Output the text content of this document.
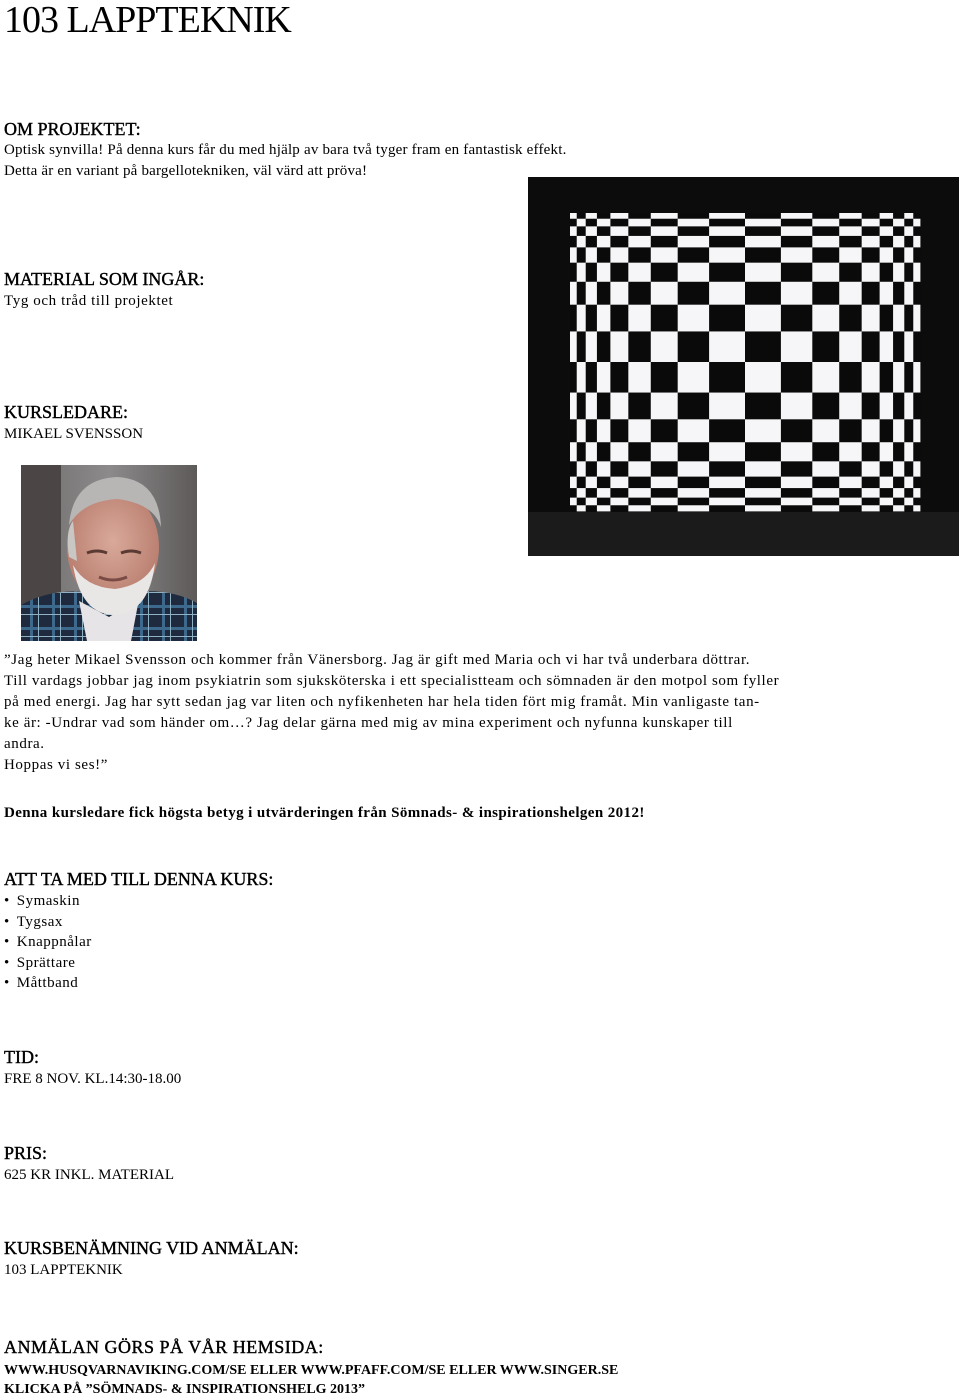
103 LAPPTEKNIK
OM PROJEKTET:
Optisk synvilla! På denna kurs får du med hjälp av bara två tyger fram en fantastisk effekt.
Detta är en variant på bargellotekniken, väl värd att pröva!
MATERIAL SOM INGÅR:
Tyg och tråd till projektet
KURSLEDARE:
MIKAEL SVENSSON
”Jag heter Mikael Svensson och kommer från Vänersborg. Jag är gift med Maria och vi har två underbara döttrar.
Till vardags jobbar jag inom psykiatrin som sjuksköterska i ett specialistteam och sömnaden är den motpol som fyller
på med energi. Jag har sytt sedan jag var liten och nyfikenheten har hela tiden fört mig framåt. Min vanligaste tan-
ke är: -Undrar vad som händer om…? Jag delar gärna med mig av mina experiment och nyfunna kunskaper till
andra.
Hoppas vi ses!”
Denna kursledare fick högsta betyg i utvärderingen från Sömnads- & inspirationshelgen 2012!
ATT TA MED TILL DENNA KURS:
• Symaskin
• Tygsax
• Knappnålar
• Sprättare
• Måttband
TID:
FRE 8 NOV. KL.14:30-18.00
PRIS:
625 KR INKL. MATERIAL
KURSBENÄMNING VID ANMÄLAN:
103 LAPPTEKNIK
ANMÄLAN GÖRS PÅ VÅR HEMSIDA:
WWW.HUSQVARNAVIKING.COM/SE ELLER WWW.PFAFF.COM/SE ELLER WWW.SINGER.SE
KLICKA PÅ ”SÖMNADS- & INSPIRATIONSHELG 2013”
